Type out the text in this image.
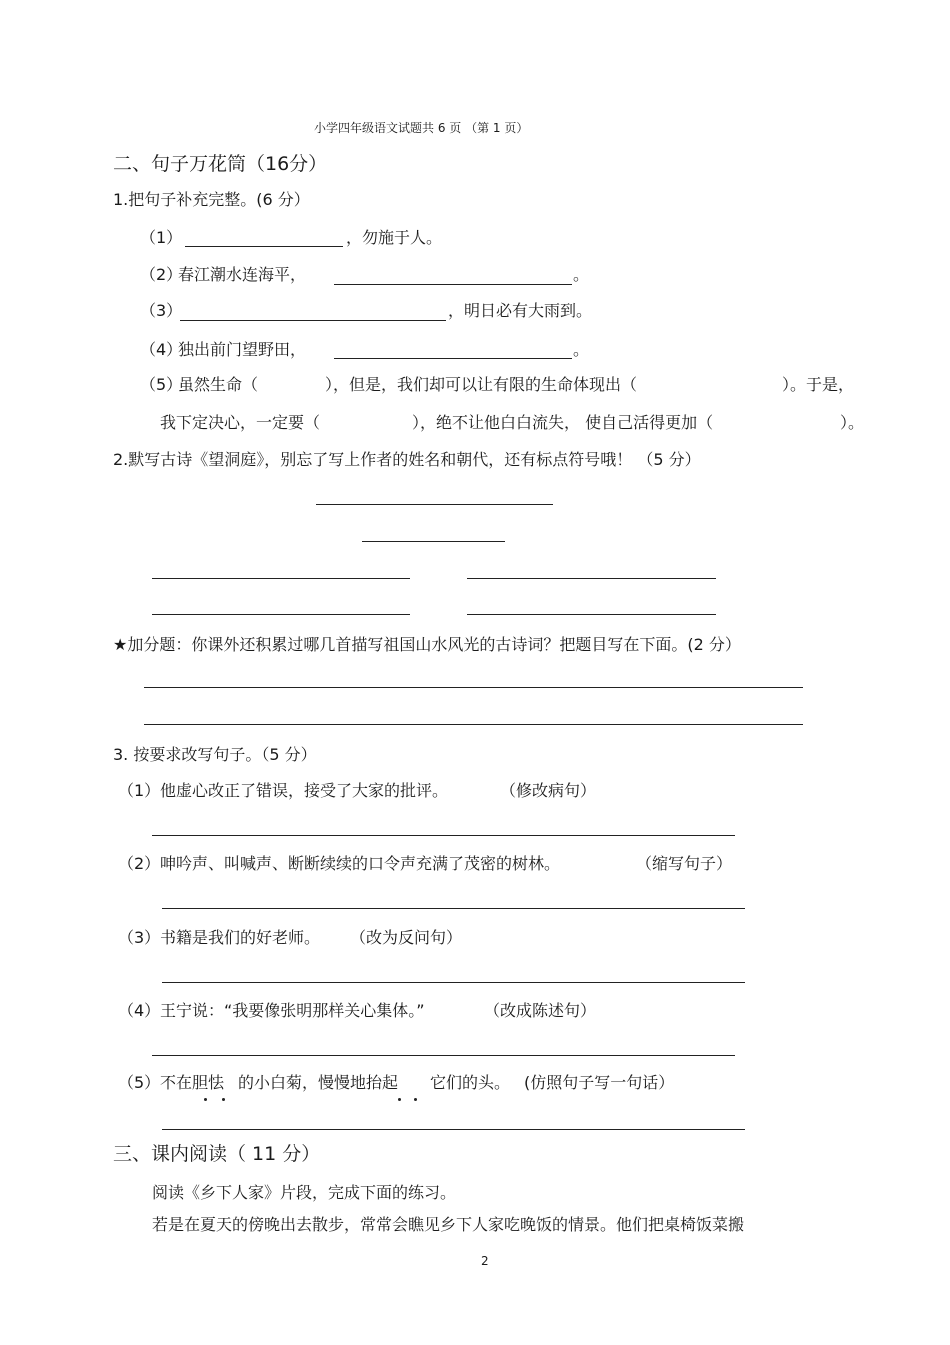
小学四年级语文试题共 6 页 （第 1 页）
二、句子万花筒（16分）
1.把句子补充完整。(6 分）
（1）	，勿施于人。
（2）
春江潮水连海平，	。
（3）	，明日必有大雨到。
（4）
独出前门望野田，	。
（5）
虽然生命（	），但是，我们却可以让有限的生命体现出（	）。于是，
我下定决心，一定要（	），绝不让他白白流失， 使自己活得更加（	）。
2.默写古诗《望洞庭》，别忘了写上作者的姓名和朝代，还有标点符号哦！ （5 分）
★加分题：你课外还积累过哪几首描写祖国山水风光的古诗词？把题目写在下面。(2 分）
3. 按要求改写句子。（5 分）
（1） 他虚心改正了错误，接受了大家的批评。	（修改病句）
（2） 呻吟声、叫喊声、断断续续的口令声充满了茂密的树林。	（缩写句子）
（3） 书籍是我们的好老师。 （改为反问句）
（4） 王宁说：“我要像张明那样关心集体。”	（改成陈述句）
（5） 不在胆怯 的小白菊，慢慢地抬起 它们的头。 (仿照句子写一句话）
三、课内阅读（ 11 分）
阅读《乡下人家》片段，完成下面的练习。
若是在夏天的傍晚出去散步，常常会瞧见乡下人家吃晚饭的情景。他们把桌椅饭菜搬
2
